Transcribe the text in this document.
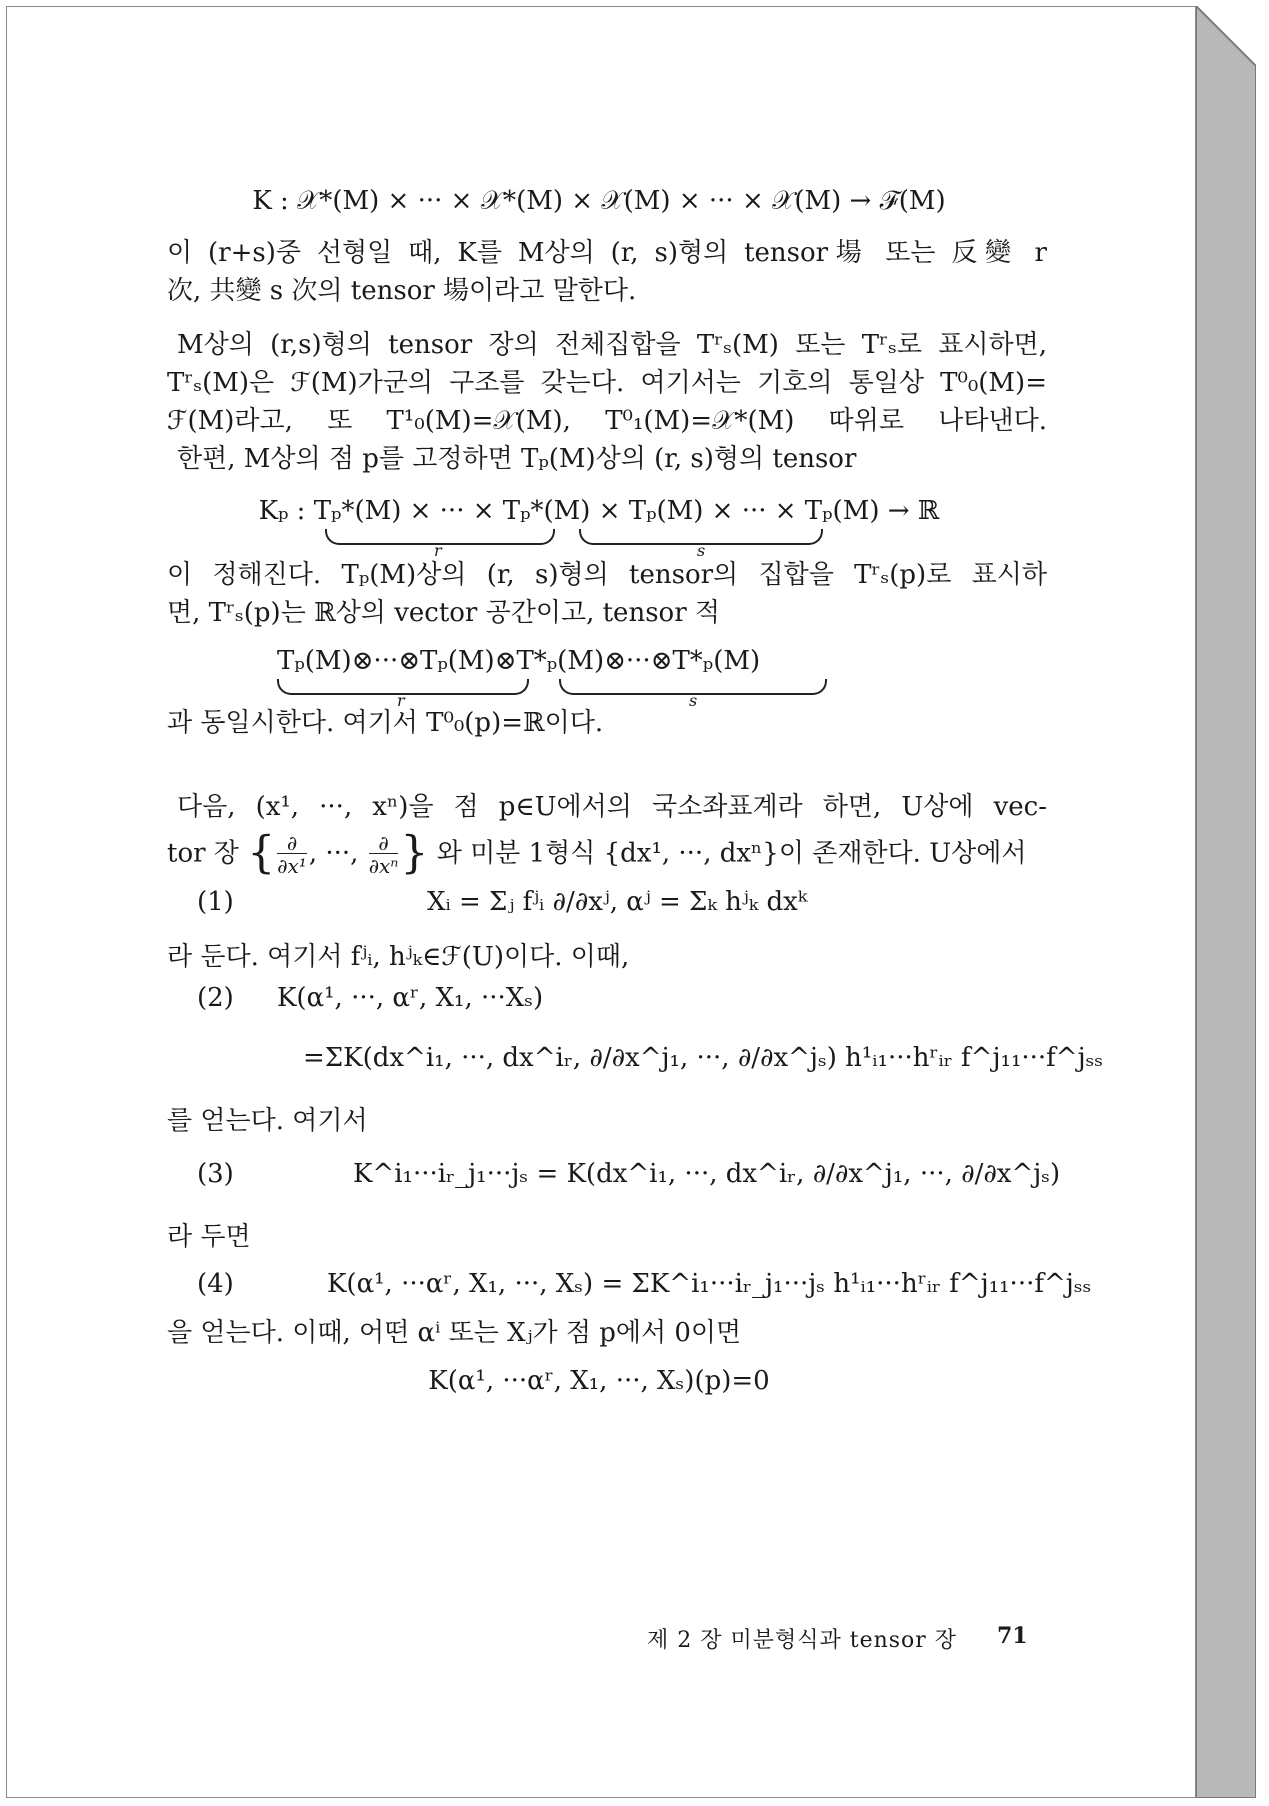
K : 𝒳*(M) × ··· × 𝒳*(M) × 𝒳(M) × ··· × 𝒳(M) → ℱ(M)
이 (r+s)중 선형일 때, K를 M상의 (r, s)형의 tensor場 또는 反變 r
次, 共變 s 次의 tensor 場이라고 말한다.
M상의 (r,s)형의 tensor 장의 전체집합을 Tʳₛ(M) 또는 Tʳₛ로 표시하면,
Tʳₛ(M)은 ℱ(M)가군의 구조를 갖는다. 여기서는 기호의 통일상 T⁰₀(M)=
ℱ(M)라고, 또 T¹₀(M)=𝒳(M), T⁰₁(M)=𝒳*(M) 따위로 나타낸다.
한편, M상의 점 p를 고정하면 Tₚ(M)상의 (r, s)형의 tensor
Kₚ : Tₚ*(M) × ··· × Tₚ*(M) × Tₚ(M) × ··· × Tₚ(M) → ℝ
r	s
이 정해진다. Tₚ(M)상의 (r, s)형의 tensor의 집합을 Tʳₛ(p)로 표시하
면, Tʳₛ(p)는 ℝ상의 vector 공간이고, tensor 적
Tₚ(M)⊗···⊗Tₚ(M)⊗T*ₚ(M)⊗···⊗T*ₚ(M)
r	s
과 동일시한다. 여기서 T⁰₀(p)=ℝ이다.
다음, (x¹, ···, xⁿ)을 점 p∈U에서의 국소좌표계라 하면, U상에 vec-
tor 장 { $\frac{\partial}{\text{∂x¹}}$ , ···, $\frac{\partial}{\text{∂xⁿ}}$ } 와 미분 1형식 {dx¹, ···, dxⁿ}이 존재한다. U상에서
(1)	Xᵢ = Σⱼ fʲᵢ ∂/∂xʲ, αʲ = Σₖ hʲₖ dxᵏ
라 둔다. 여기서 fʲᵢ, hʲₖ∈ℱ(U)이다. 이때,
(2) K(α¹, ···, αʳ, X₁, ···Xₛ)
=ΣK(dx^i₁, ···, dx^iᵣ, ∂/∂x^j₁, ···, ∂/∂x^jₛ) h¹ᵢ₁···hʳᵢᵣ f^j₁₁···f^jₛₛ
를 얻는다. 여기서
(3)	K^i₁···iᵣ_j₁···jₛ = K(dx^i₁, ···, dx^iᵣ, ∂/∂x^j₁, ···, ∂/∂x^jₛ)
라 두면
(4)	K(α¹, ···αʳ, X₁, ···, Xₛ) = ΣK^i₁···iᵣ_j₁···jₛ h¹ᵢ₁···hʳᵢᵣ f^j₁₁···f^jₛₛ
을 얻는다. 이때, 어떤 αⁱ 또는 Xⱼ가 점 p에서 0이면
K(α¹, ···αʳ, X₁, ···, Xₛ)(p)=0
제 2 장 미분형식과 tensor 장 71
